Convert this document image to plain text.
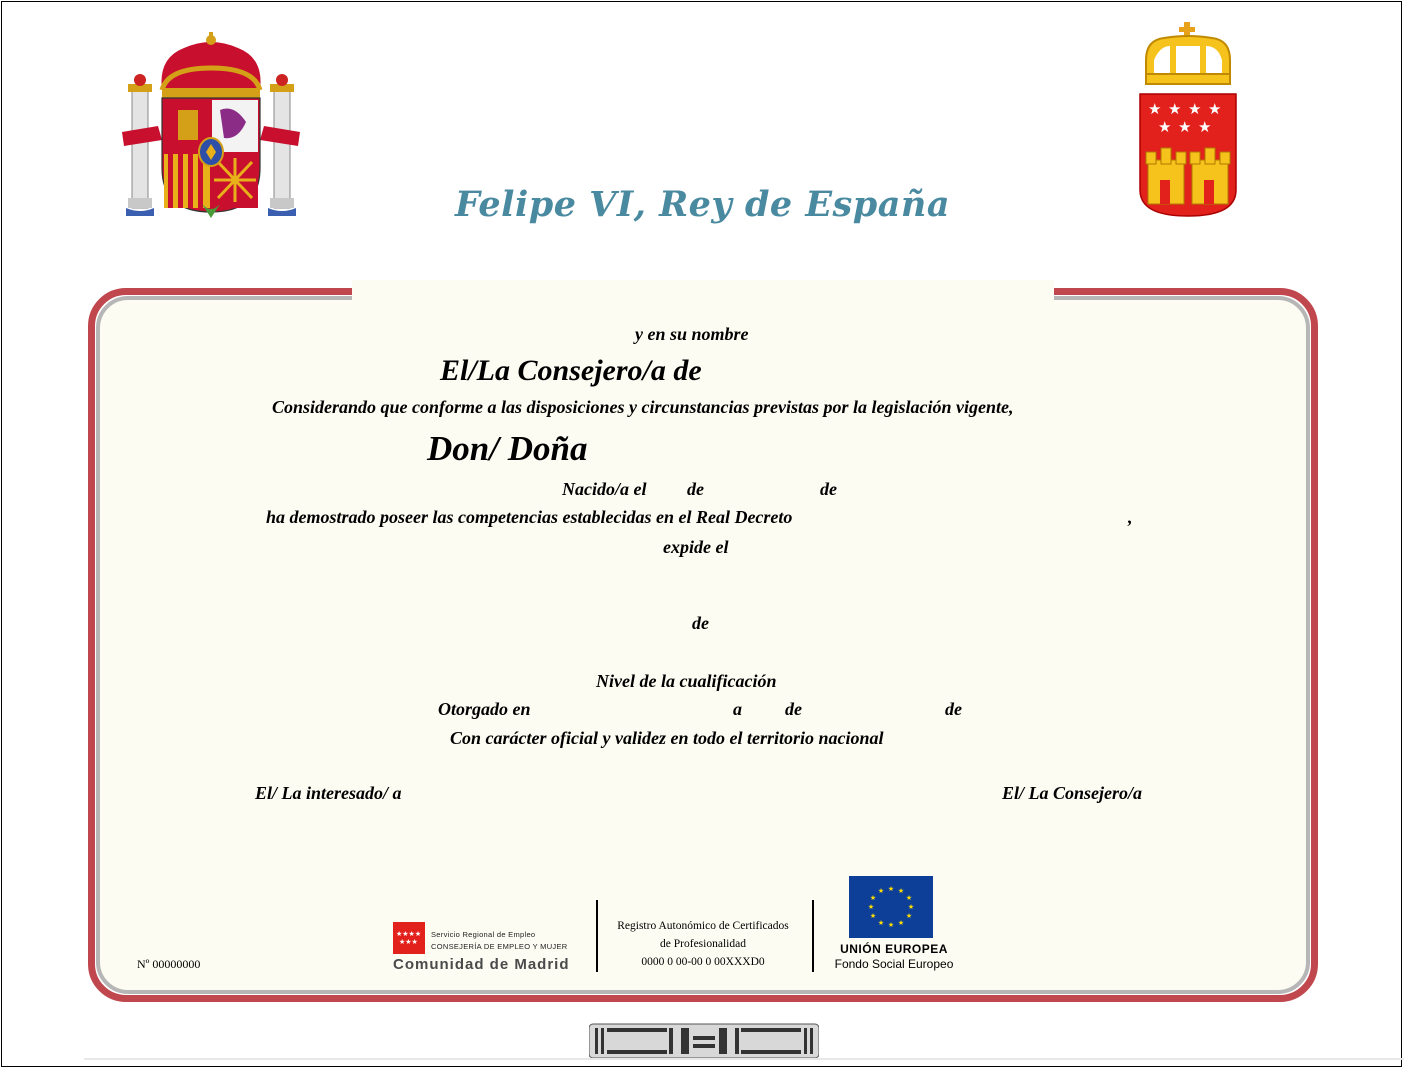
★ ★ ★ ★
★ ★ ★
Felipe VI, Rey de España
y en su nombre
El/La Consejero/a de
Considerando que conforme a las disposiciones y circunstancias previstas por la legislación vigente,
Don/ Doña
Nacido/a el de	de
ha demostrado poseer las competencias establecidas en el Real Decreto	,
expide el
de
Nivel de la cualificación
Otorgado en	a de	de
Con carácter oficial y validez en todo el territorio nacional
El/ La interesado/ a	El/ La Consejero/a
Nº 00000000
★★★★
★★★
Servicio Regional de Empleo
CONSEJERÍA DE EMPLEO Y MUJER
Comunidad de Madrid
Registro Autonómico de Certificados
de Profesionalidad
0000 0 00-00 0 00XXXD0
★ ★
★
★
★
★
★
★
★
★
★
★
UNIÓN EUROPEA
Fondo Social Europeo
